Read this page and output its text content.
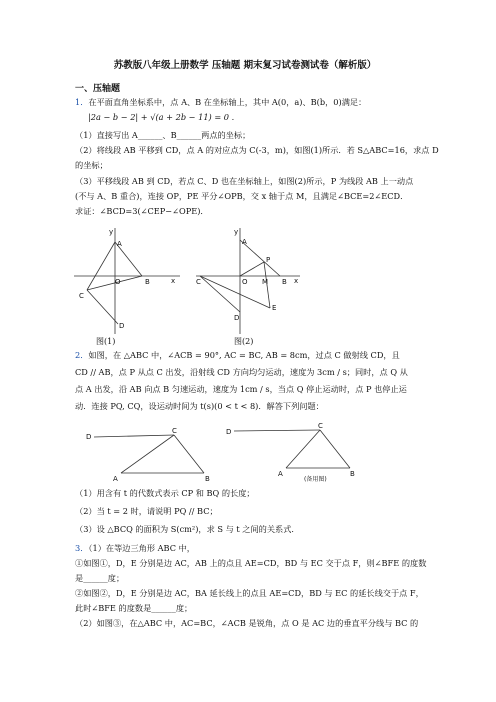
苏教版八年级上册数学 压轴题 期末复习试卷测试卷（解析版）
一、压轴题
1．在平面直角坐标系中，点 A、B 在坐标轴上，其中 A(0，a)、B(b，0)满足：
|2a − b − 2| + √(a + 2b − 11) = 0 .
（1）直接写出 A______、B______两点的坐标；
（2）将线段 AB 平移到 CD，点 A 的对应点为 C(-3，m)，如图(1)所示．若 S△ABC=16，求点 D
的坐标；
（3）平移线段 AB 到 CD，若点 C、D 也在坐标轴上，如图(2)所示，P 为线段 AB 上一动点
(不与 A、B 重合)，连接 OP，PE 平分∠OPB，交 x 轴于点 M，且满足∠BCE=2∠ECD．
求证：∠BCD=3(∠CEP−∠OPE)．
y
A
O	B	x
C
D
图(1)
y
A
P
C	O M B x
E
D
图(2)
2．如图，在 △ABC 中，∠ACB = 90°, AC = BC, AB = 8cm，过点 C 做射线 CD，且
CD // AB，点 P 从点 C 出发，沿射线 CD 方向均匀运动，速度为 3cm / s；同时，点 Q 从
点 A 出发，沿 AB 向点 B 匀速运动，速度为 1cm / s，当点 Q 停止运动时，点 P 也停止运
动．连接 PQ, CQ，设运动时间为 t(s)(0 < t < 8)．解答下列问题：
D
C
A	B
D
C
A	B
(备用图)
（1）用含有 t 的代数式表示 CP 和 BQ 的长度；
（2）当 t = 2 时，请说明 PQ // BC；
（3）设 △BCQ 的面积为 S(cm²)，求 S 与 t 之间的关系式．
3．（1）在等边三角形 ABC 中，
①如图①，D，E 分别是边 AC，AB 上的点且 AE=CD，BD 与 EC 交于点 F，则∠BFE 的度数
是______度；
②如图②，D，E 分别是边 AC，BA 延长线上的点且 AE=CD，BD 与 EC 的延长线交于点 F，
此时∠BFE 的度数是______度；
（2）如图③，在△ABC 中，AC=BC，∠ACB 是锐角，点 O 是 AC 边的垂直平分线与 BC 的
